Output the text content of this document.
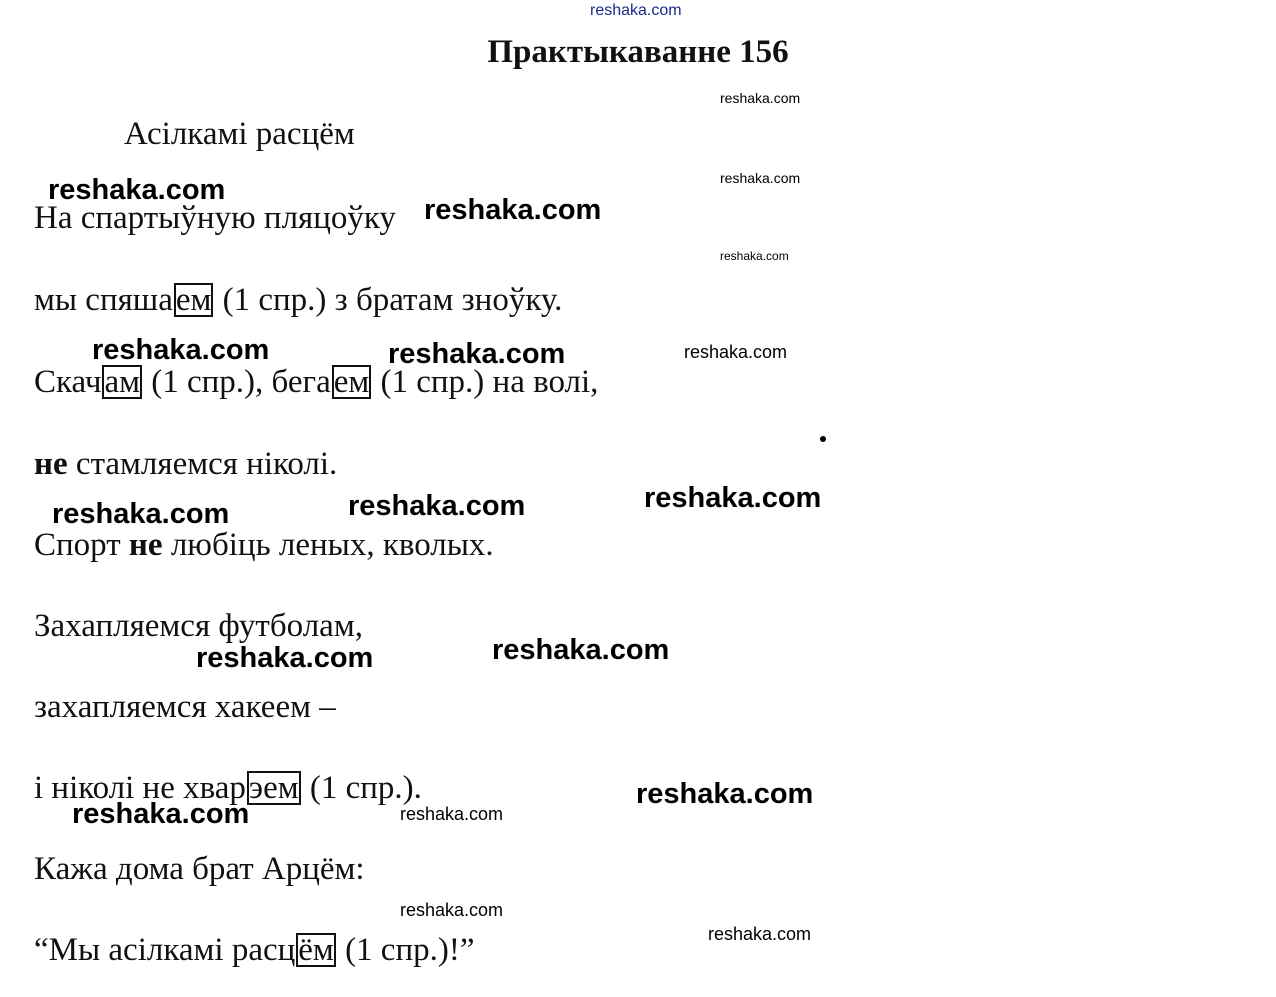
reshaka.com
Практыкаванне 156
Асілкамі расцём
На спартыўную пляцоўку
мы спяшаем (1 спр.) з братам зноўку.
Скачам (1 спр.), бегаем (1 спр.) на волі,
не стамляемся ніколі.
Спорт не любіць леных, кволых.
Захапляемся футболам,
захапляемся хакеем –
і ніколі не хварэем (1 спр.).
Кажа дома брат Арцём:
“Мы асілкамі расцём (1 спр.)!”
reshaka.com
reshaka.com
reshaka.com
reshaka.com
reshaka.com
reshaka.com	reshaka.com	reshaka.com
reshaka.com
reshaka.com	reshaka.com
reshaka.com	reshaka.com
reshaka.com
reshaka.com	reshaka.com
reshaka.com
reshaka.com
